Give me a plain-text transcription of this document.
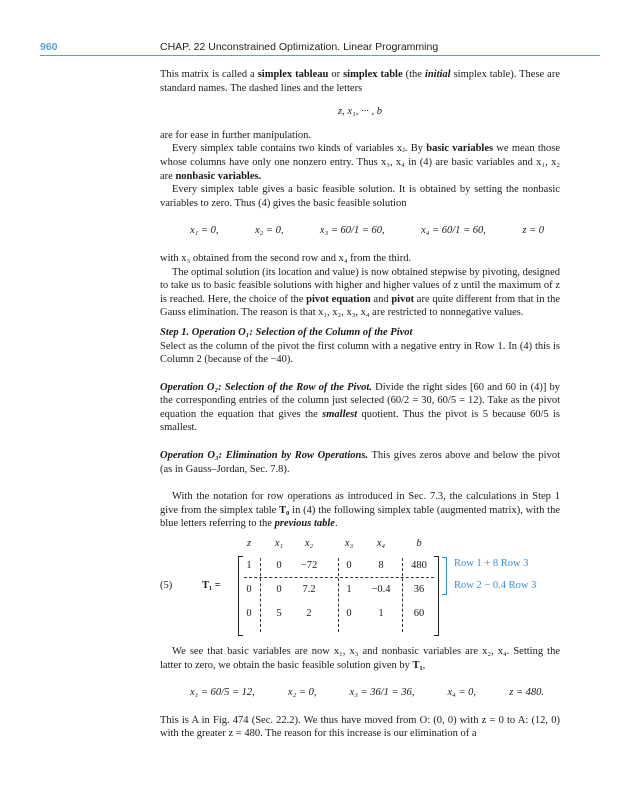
960	CHAP. 22 Unconstrained Optimization. Linear Programming

This matrix is called a simplex tableau or simplex table (the initial simplex table). These are standard names. The dashed lines and the letters

z, x₁, ··· , b

are for ease in further manipulation.

Every simplex table contains two kinds of variables xⱼ. By basic variables we mean those whose columns have only one nonzero entry. Thus x₃, x₄ in (4) are basic variables and x₁, x₂ are nonbasic variables.

Every simplex table gives a basic feasible solution. It is obtained by setting the nonbasic variables to zero. Thus (4) gives the basic feasible solution

x₁ = 0,	x₂ = 0,	x₃ = 60/1 = 60,	x₄ = 60/1 = 60,	z = 0

with x₃ obtained from the second row and x₄ from the third.

The optimal solution (its location and value) is now obtained stepwise by pivoting, designed to take us to basic feasible solutions with higher and higher values of z until the maximum of z is reached. Here, the choice of the pivot equation and pivot are quite different from that in the Gauss elimination. The reason is that x₁, x₂, x₃, x₄ are restricted to nonnegative values.

Step 1. Operation O₁: Selection of the Column of the Pivot

Select as the column of the pivot the first column with a negative entry in Row 1. In (4) this is Column 2 (because of the −40).

Operation O₂: Selection of the Row of the Pivot. Divide the right sides [60 and 60 in (4)] by the corresponding entries of the column just selected (60/2 = 30, 60/5 = 12). Take as the pivot equation the equation that gives the smallest quotient. Thus the pivot is 5 because 60/5 is smallest.

Operation O₃: Elimination by Row Operations. This gives zeros above and below the pivot (as in Gauss–Jordan, Sec. 7.8).

With the notation for row operations as introduced in Sec. 7.3, the calculations in Step 1 give from the simplex table T₀ in (4) the following simplex table (augmented matrix), with the blue letters referring to the previous table.

(5)	T₁ =
z	x₁	x₂	x₃	x₄	b
1	0	−72	0	8	480
0	0	7.2	1	−0.4	36
0	5	2	0	1	60
Row 1 + 8 Row 3
Row 2 − 0.4 Row 3

We see that basic variables are now x₁, x₃ and nonbasic variables are x₂, x₄. Setting the latter to zero, we obtain the basic feasible solution given by T₁,

x₁ = 60/5 = 12,	x₂ = 0,	x₃ = 36/1 = 36,	x₄ = 0,	z = 480.

This is A in Fig. 474 (Sec. 22.2). We thus have moved from O: (0, 0) with z = 0 to A: (12, 0) with the greater z = 480. The reason for this increase is our elimination of a
